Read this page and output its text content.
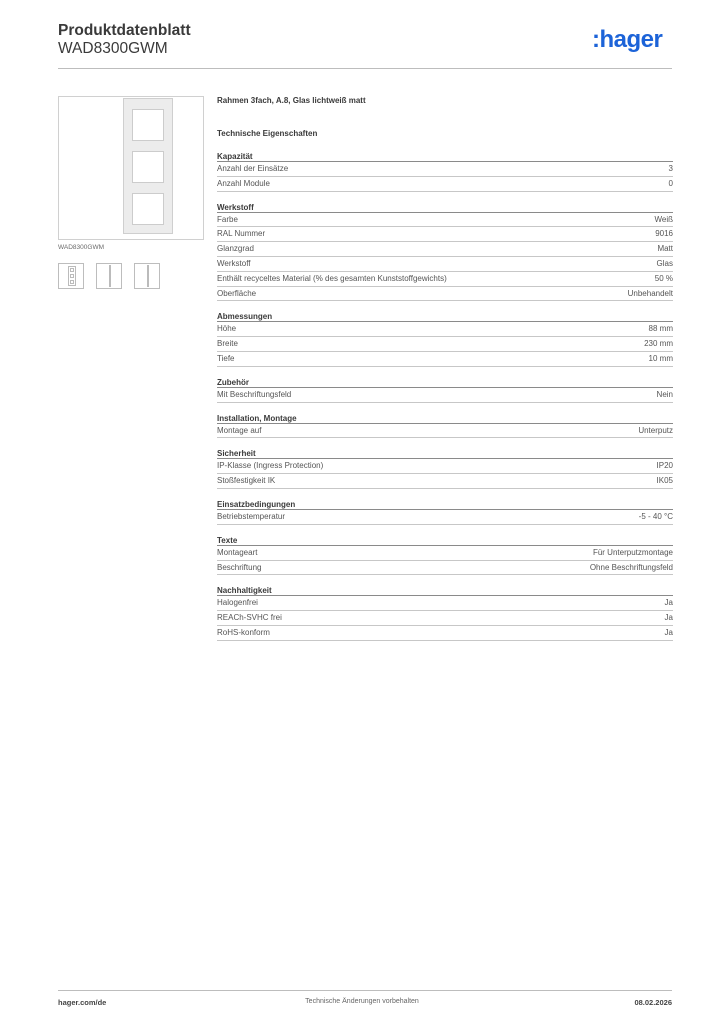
Produktdatenblatt
WAD8300GWM	:hager
WAD8300GWM
Rahmen 3fach, A.8, Glas lichtweiß matt
Technische Eigenschaften
Kapazität
Anzahl der Einsätze	3
Anzahl Module	0
Werkstoff
Farbe	Weiß
RAL Nummer	9016
Glanzgrad	Matt
Werkstoff	Glas
Enthält recyceltes Material (% des gesamten Kunststoffgewichts)	50 %
Oberfläche	Unbehandelt
Abmessungen
Höhe	88 mm
Breite	230 mm
Tiefe	10 mm
Zubehör
Mit Beschriftungsfeld	Nein
Installation, Montage
Montage auf	Unterputz
Sicherheit
IP-Klasse (Ingress Protection)	IP20
Stoßfestigkeit IK	IK05
Einsatzbedingungen
Betriebstemperatur	-5 - 40 °C
Texte
Montageart	Für Unterputzmontage
Beschriftung	Ohne Beschriftungsfeld
Nachhaltigkeit
Halogenfrei	Ja
REACh-SVHC frei	Ja
RoHS-konform	Ja
hager.com/de	Technische Änderungen vorbehalten	08.02.2026
